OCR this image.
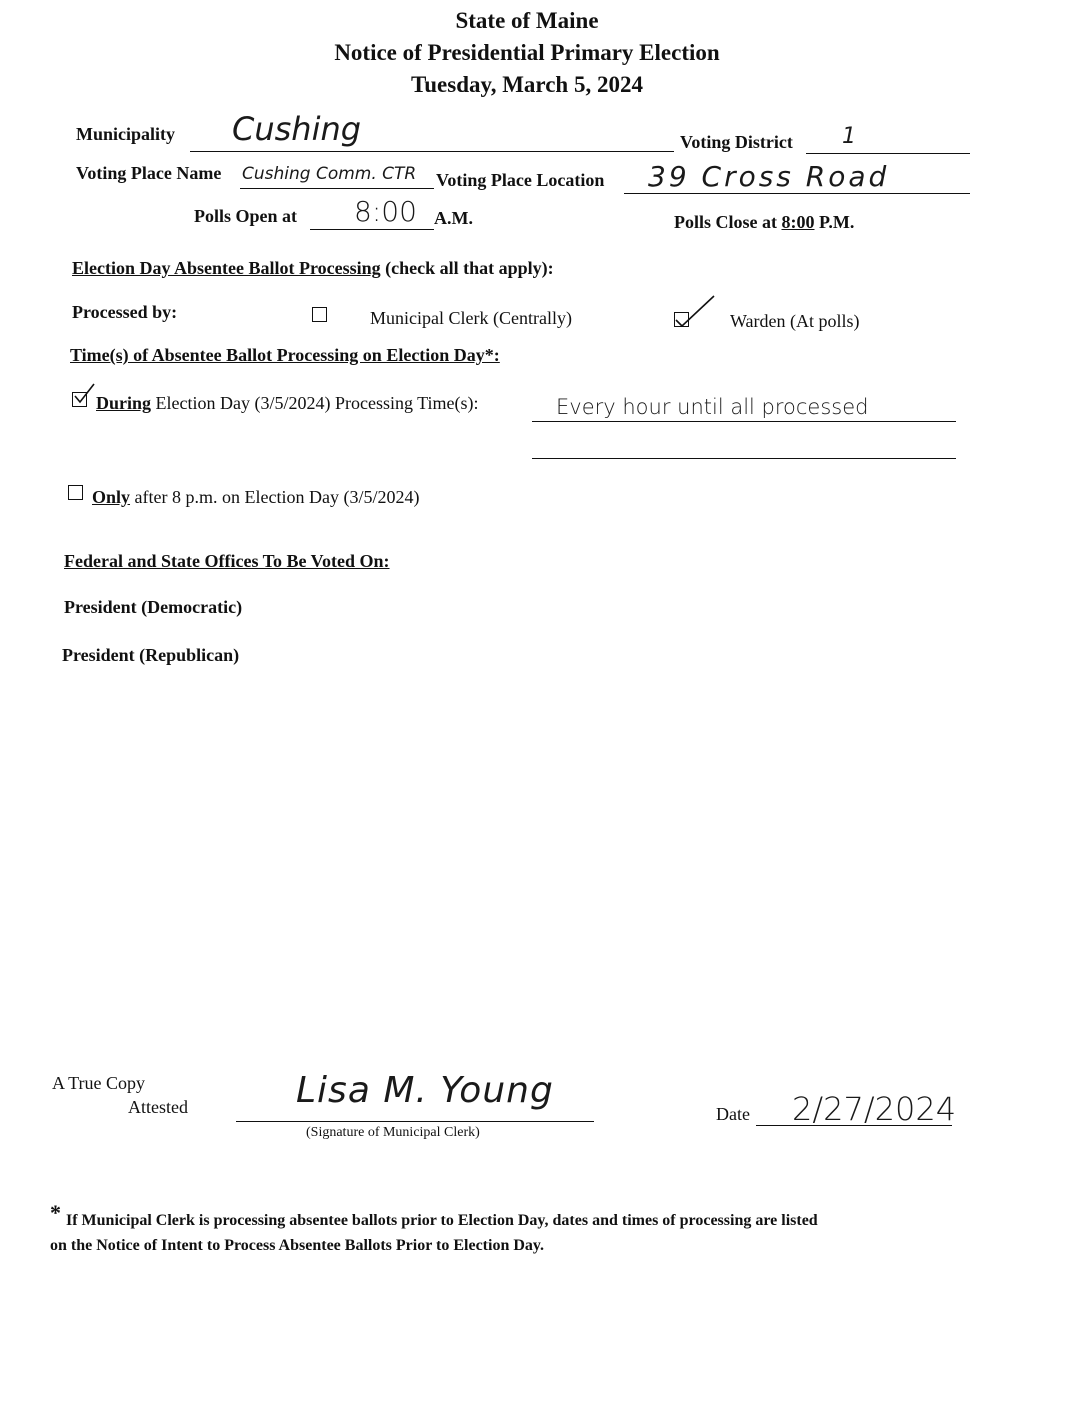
State of Maine
Notice of Presidential Primary Election
Tuesday, March 5, 2024
Municipality Cushing	Voting District 1
Voting Place Name Cushing Comm. CTR Voting Place Location 39 Cross Road
Polls Open at 8:00 A.M.	Polls Close at 8:00 P.M.
Election Day Absentee Ballot Processing (check all that apply):
Processed by:	Municipal Clerk (Centrally)	Warden (At polls)
Time(s) of Absentee Ballot Processing on Election Day*:
During Election Day (3/5/2024) Processing Time(s):	Every hour until all processed
Only after 8 p.m. on Election Day (3/5/2024)
Federal and State Offices To Be Voted On:
President (Democratic)
President (Republican)
A True Copy
Attested	Lisa M. Young
(Signature of Municipal Clerk)
Date 2/27/2024
* If Municipal Clerk is processing absentee ballots prior to Election Day, dates and times of processing are listed
on the Notice of Intent to Process Absentee Ballots Prior to Election Day.
